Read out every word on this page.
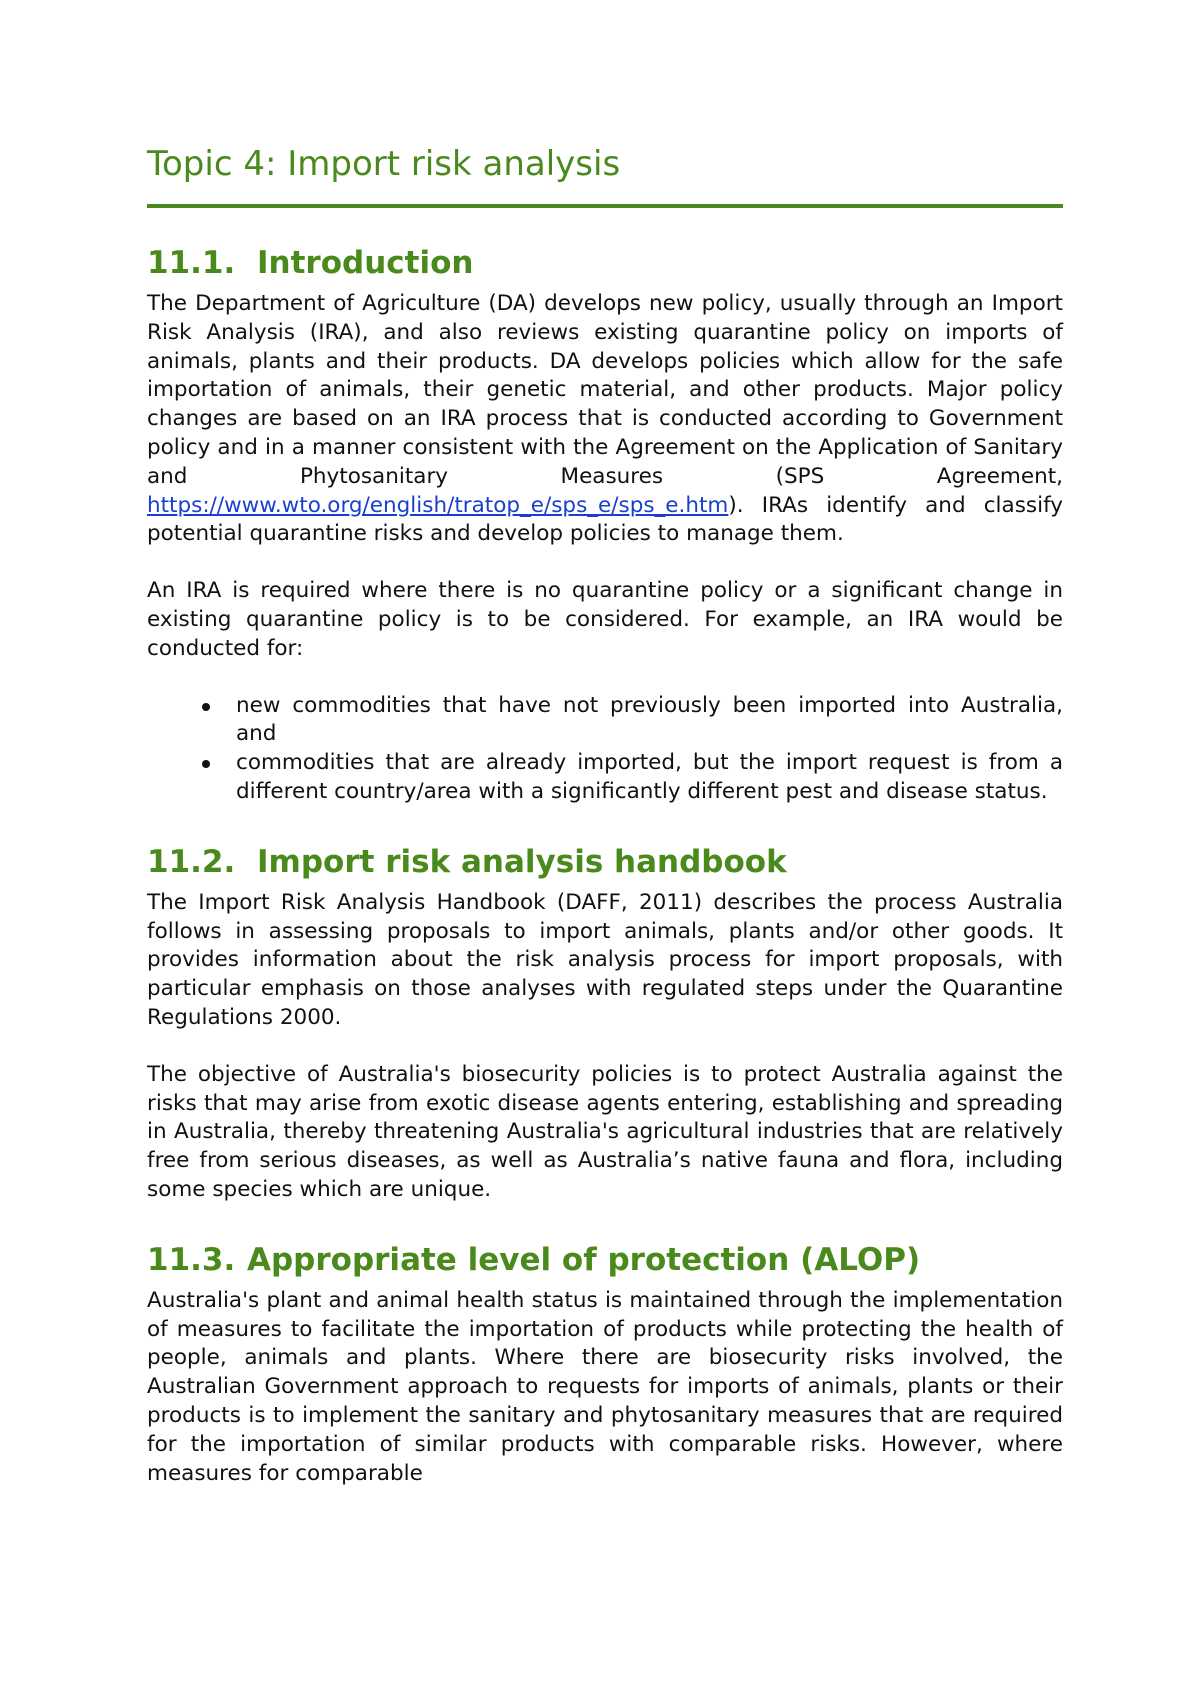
Topic 4: Import risk analysis
11.1. Introduction

The Department of Agriculture (DA) develops new policy, usually through an Import Risk Analysis (IRA), and also reviews existing quarantine policy on imports of animals, plants and their products. DA develops policies which allow for the safe importation of animals, their genetic material, and other products. Major policy changes are based on an IRA process that is conducted according to Government policy and in a manner consistent with the Agreement on the Application of Sanitary and Phytosanitary Measures (SPS Agreement, https://www.wto.org/english/tratop_e/sps_e/sps_e.htm). IRAs identify and classify potential quarantine risks and develop policies to manage them.

An IRA is required where there is no quarantine policy or a significant change in existing quarantine policy is to be considered. For example, an IRA would be conducted for:

new commodities that have not previously been imported into Australia, and
commodities that are already imported, but the import request is from a different country/area with a significantly different pest and disease status.
11.2. Import risk analysis handbook

The Import Risk Analysis Handbook (DAFF, 2011) describes the process Australia follows in assessing proposals to import animals, plants and/or other goods. It provides information about the risk analysis process for import proposals, with particular emphasis on those analyses with regulated steps under the Quarantine Regulations 2000.

The objective of Australia's biosecurity policies is to protect Australia against the risks that may arise from exotic disease agents entering, establishing and spreading in Australia, thereby threatening Australia's agricultural industries that are relatively free from serious diseases, as well as Australia’s native fauna and flora, including some species which are unique.

11.3. Appropriate level of protection (ALOP)

Australia's plant and animal health status is maintained through the implementation of measures to facilitate the importation of products while protecting the health of people, animals and plants. Where there are biosecurity risks involved, the Australian Government approach to requests for imports of animals, plants or their products is to implement the sanitary and phytosanitary measures that are required for the importation of similar products with comparable risks. However, where measures for comparable
